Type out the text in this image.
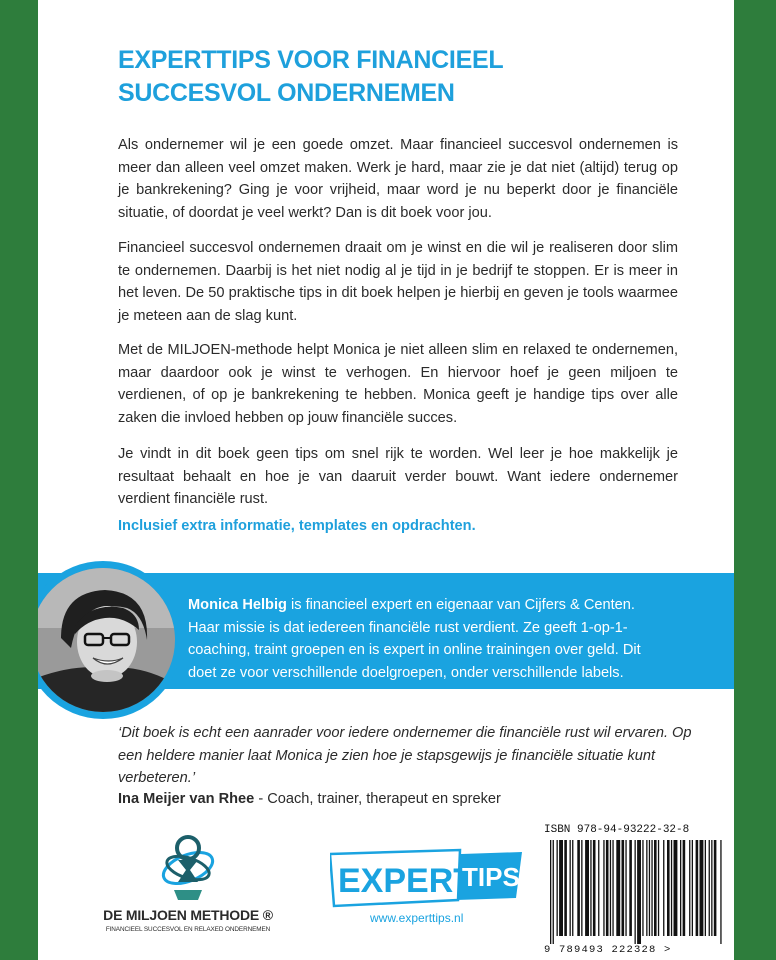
EXPERTTIPS VOOR FINANCIEEL
SUCCESVOL ONDERNEMEN
Als ondernemer wil je een goede omzet. Maar financieel succesvol ondernemen is meer dan alleen veel omzet maken. Werk je hard, maar zie je dat niet (altijd) terug op je bankrekening? Ging je voor vrijheid, maar word je nu beperkt door je financiële situatie, of doordat je veel werkt? Dan is dit boek voor jou.
Financieel succesvol ondernemen draait om je winst en die wil je realiseren door slim te ondernemen. Daarbij is het niet nodig al je tijd in je bedrijf te stoppen. Er is meer in het leven. De 50 praktische tips in dit boek helpen je hierbij en geven je tools waarmee je meteen aan de slag kunt.
Met de MILJOEN-methode helpt Monica je niet alleen slim en relaxed te ondernemen, maar daardoor ook je winst te verhogen. En hiervoor hoef je geen miljoen te verdienen, of op je bankrekening te hebben. Monica geeft je handige tips over alle zaken die invloed hebben op jouw financiële succes.
Je vindt in dit boek geen tips om snel rijk te worden. Wel leer je hoe makkelijk je resultaat behaalt en hoe je van daaruit verder bouwt. Want iedere ondernemer verdient financiële rust.
Inclusief extra informatie, templates en opdrachten.
Monica Helbig is financieel expert en eigenaar van Cijfers & Centen. Haar missie is dat iedereen financiële rust verdient. Ze geeft 1-op-1-coaching, traint groepen en is expert in online trainingen over geld. Dit doet ze voor verschillende doelgroepen, onder verschillende labels.
‘Dit boek is echt een aanrader voor iedere ondernemer die financiële rust wil ervaren. Op een heldere manier laat Monica je zien hoe je stapsgewijs je financiële situatie kunt verbeteren.’
Ina Meijer van Rhee - Coach, trainer, therapeut en spreker
DE MILJOEN METHODE ®
FINANCIEEL SUCCESVOL EN RELAXED ONDERNEMEN
EXPERT
TIPS
www.experttips.nl
ISBN 978-94-93222-32-8
9 789493 222328 >
